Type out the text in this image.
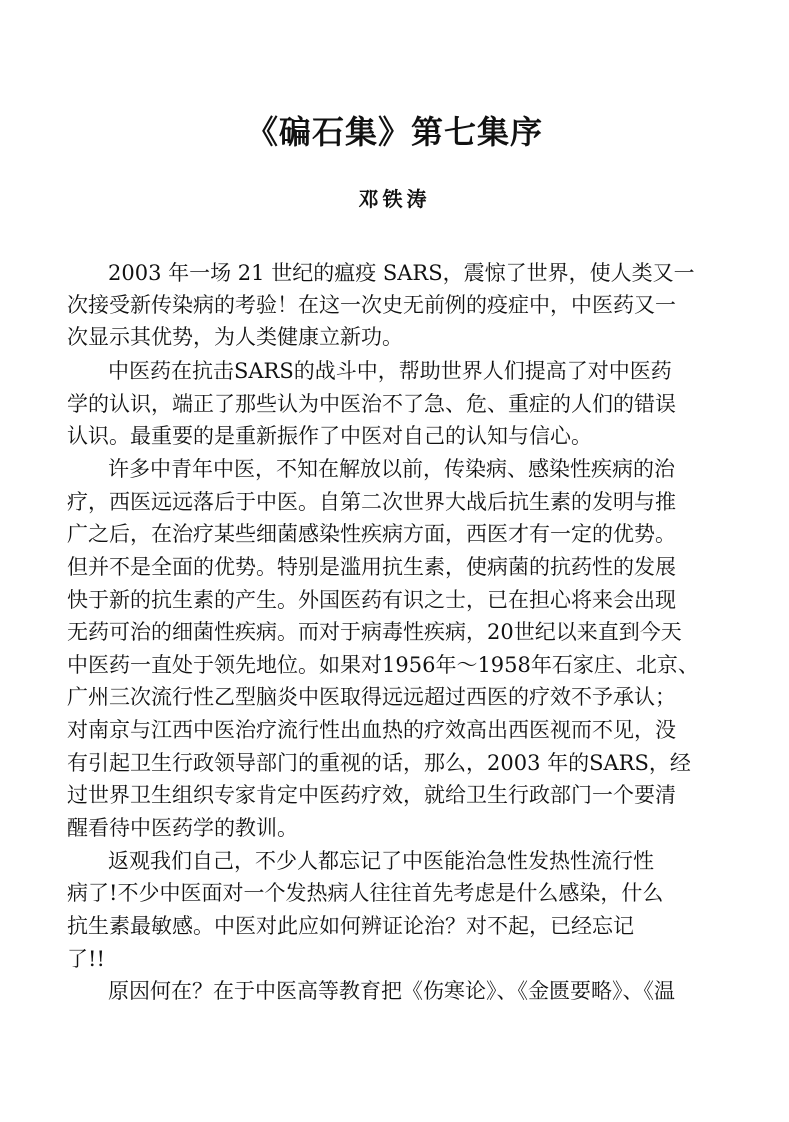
《碥石集》第七集序
邓铁涛
2003 年一场 21 世纪的瘟疫 SARS，震惊了世界，使人类又一
次接受新传染病的考验！在这一次史无前例的疫症中，中医药又一
次显示其优势，为人类健康立新功。
中医药在抗击SARS的战斗中，帮助世界人们提高了对中医药
学的认识，端正了那些认为中医治不了急、危、重症的人们的错误
认识。最重要的是重新振作了中医对自己的认知与信心。
许多中青年中医，不知在解放以前，传染病、感染性疾病的治
疗，西医远远落后于中医。自第二次世界大战后抗生素的发明与推
广之后，在治疗某些细菌感染性疾病方面，西医才有一定的优势。
但并不是全面的优势。特别是滥用抗生素，使病菌的抗药性的发展
快于新的抗生素的产生。外国医药有识之士，已在担心将来会出现
无药可治的细菌性疾病。而对于病毒性疾病，20世纪以来直到今天
中医药一直处于领先地位。如果对1956年～1958年石家庄、北京、
广州三次流行性乙型脑炎中医取得远远超过西医的疗效不予承认；
对南京与江西中医治疗流行性出血热的疗效高出西医视而不见，没
有引起卫生行政领导部门的重视的话，那么，2003 年的SARS，经
过世界卫生组织专家肯定中医药疗效，就给卫生行政部门一个要清
醒看待中医药学的教训。
返观我们自己，不少人都忘记了中医能治急性发热性流行性
病了!不少中医面对一个发热病人往往首先考虑是什么感染，什么
抗生素最敏感。中医对此应如何辨证论治？对不起，已经忘记
了!!
原因何在？在于中医高等教育把《伤寒论》、《金匮要略》、《温
